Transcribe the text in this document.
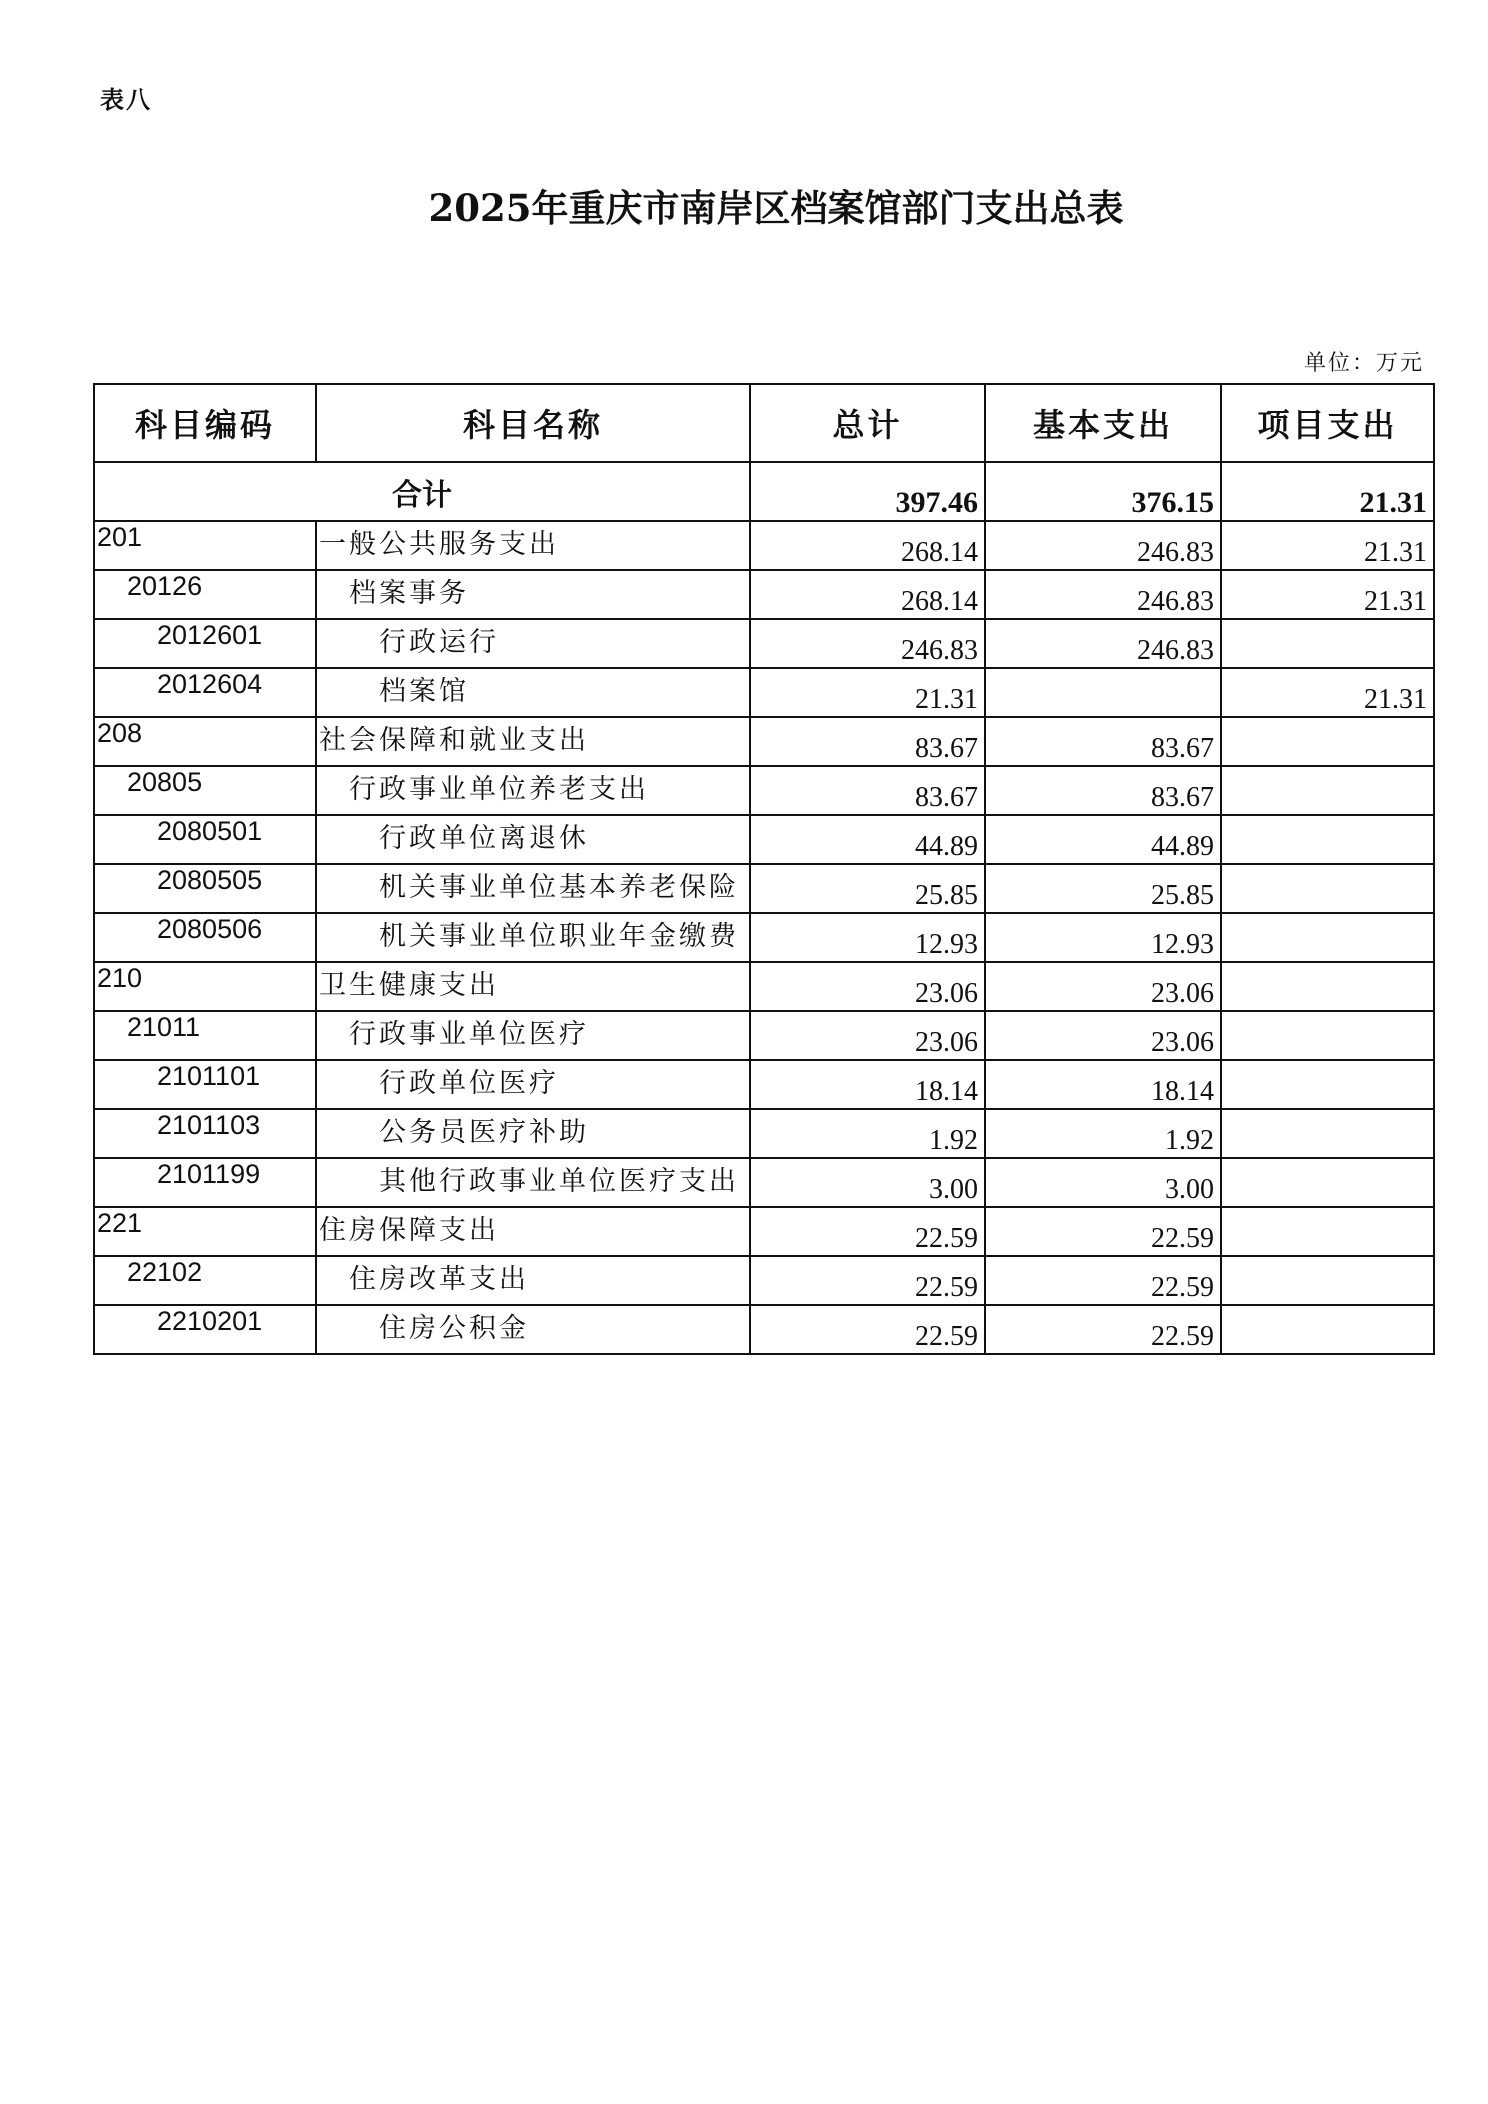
表八
2025年重庆市南岸区档案馆部门支出总表
单位：万元
科目编码	科目名称	总计	基本支出	项目支出
合计		397.46	376.15	21.31
201	一般公共服务支出	268.14	246.83	21.31
20126	档案事务	268.14	246.83	21.31
2012601	行政运行	246.83	246.83	
2012604	档案馆	21.31		21.31
208	社会保障和就业支出	83.67	83.67	
20805	行政事业单位养老支出	83.67	83.67	
2080501	行政单位离退休	44.89	44.89	
2080505	机关事业单位基本养老保险	25.85	25.85	
2080506	机关事业单位职业年金缴费	12.93	12.93	
210	卫生健康支出	23.06	23.06	
21011	行政事业单位医疗	23.06	23.06	
2101101	行政单位医疗	18.14	18.14	
2101103	公务员医疗补助	1.92	1.92	
2101199	其他行政事业单位医疗支出	3.00	3.00	
221	住房保障支出	22.59	22.59	
22102	住房改革支出	22.59	22.59	
2210201	住房公积金	22.59	22.59	
